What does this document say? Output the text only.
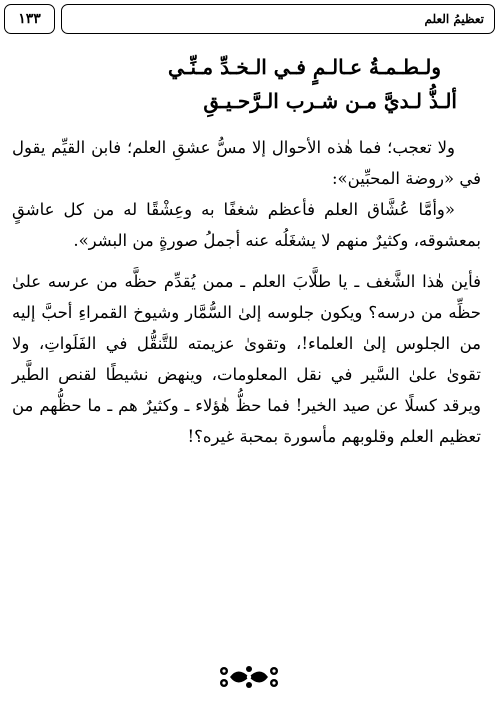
تعظيمُ العلم
١٣٣
ولـطـمـةُ عـالـمٍ فـي الـخـدِّ مـنِّـي
ألـذُّ لـديَّ مـن شـرب الـرَّحـيـقِ

ولا تعجب؛ فما هٰذه الأحوال إلا مسُّ عشقِ العلم؛ فابن القيِّم يقول في «روضة المحبِّين»:

«وأمَّا عُشَّاق العلم فأعظم شغفًا به وعِشْقًا له من كل عاشقٍ بمعشوقه، وكثيرٌ منهم لا يشغَلُه عنه أجملُ صورةٍ من البشر».

فأين هٰذا الشَّغف ـ يا طلَّابَ العلم ـ ممن يُقدِّم حظَّه من عرسه علىٰ حظِّه من درسه؟ ويكون جلوسه إلىٰ السُّمَّار وشيوخ القمراءِ أحبَّ إليه من الجلوس إلىٰ العلماء!، وتقوىٰ عزيمته للتَّنقُّل في الفَلَواتِ، ولا تقوىٰ علىٰ السَّير في نقل المعلومات، وينهض نشيطًا لقنص الطَّير ويرقد كسلًا عن صيد الخير! فما حظُّ هٰؤلاء ـ وكثيرٌ هم ـ ما حظُّهم من تعظيم العلم وقلوبهم مأسورة بمحبة غيره؟!
